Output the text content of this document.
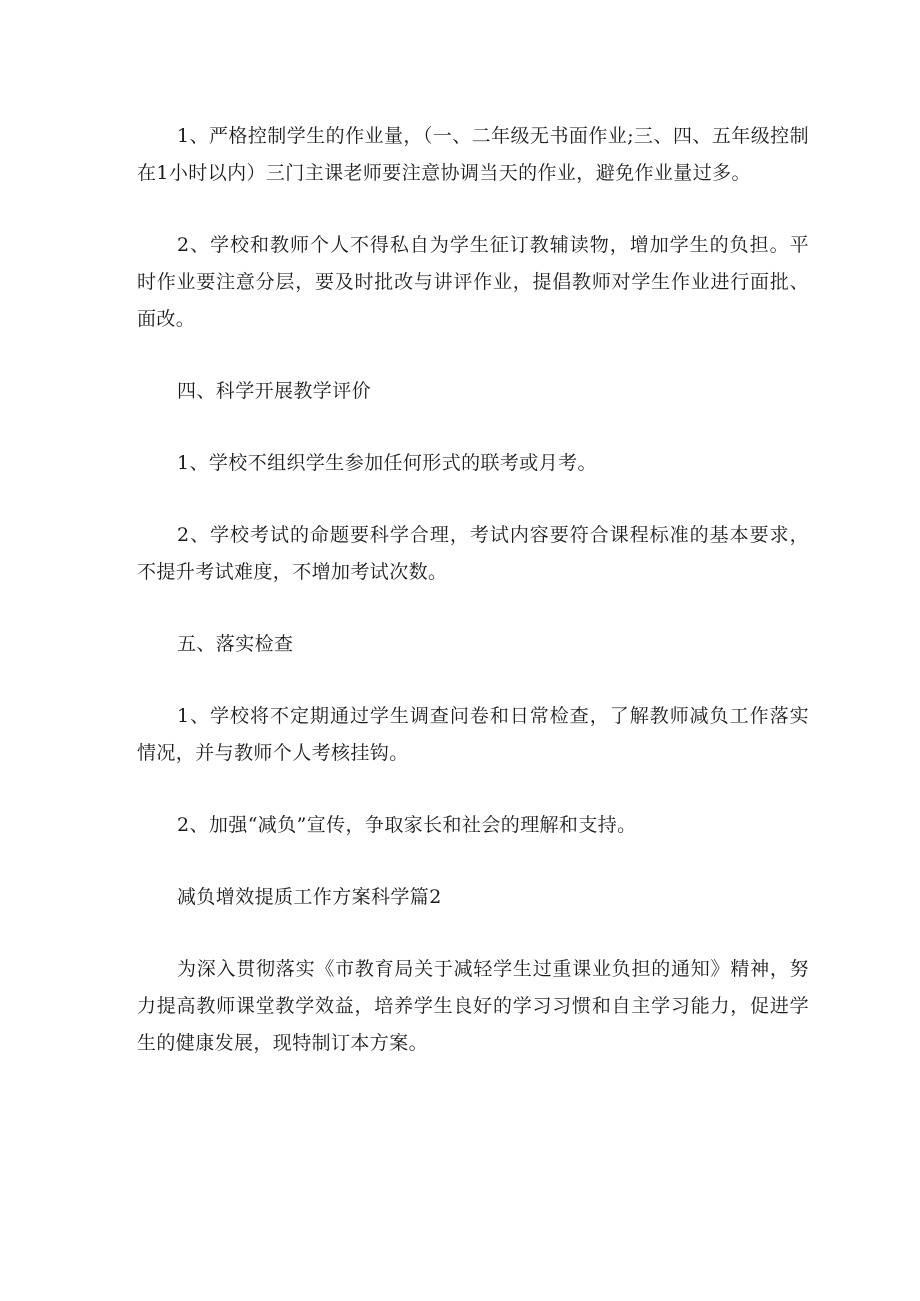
1、严格控制学生的作业量，（一、二年级无书面作业;三、四、五年级控制在1小时以内）三门主课老师要注意协调当天的作业，避免作业量过多。

2、学校和教师个人不得私自为学生征订教辅读物，增加学生的负担。平时作业要注意分层，要及时批改与讲评作业，提倡教师对学生作业进行面批、面改。

四、科学开展教学评价

1、学校不组织学生参加任何形式的联考或月考。

2、学校考试的命题要科学合理，考试内容要符合课程标准的基本要求，不提升考试难度，不增加考试次数。

五、落实检查

1、学校将不定期通过学生调查问卷和日常检查，了解教师减负工作落实情况，并与教师个人考核挂钩。

2、加强“减负”宣传，争取家长和社会的理解和支持。

减负增效提质工作方案科学篇2

为深入贯彻落实《市教育局关于减轻学生过重课业负担的通知》精神，努力提高教师课堂教学效益，培养学生良好的学习习惯和自主学习能力，促进学生的健康发展，现特制订本方案。
